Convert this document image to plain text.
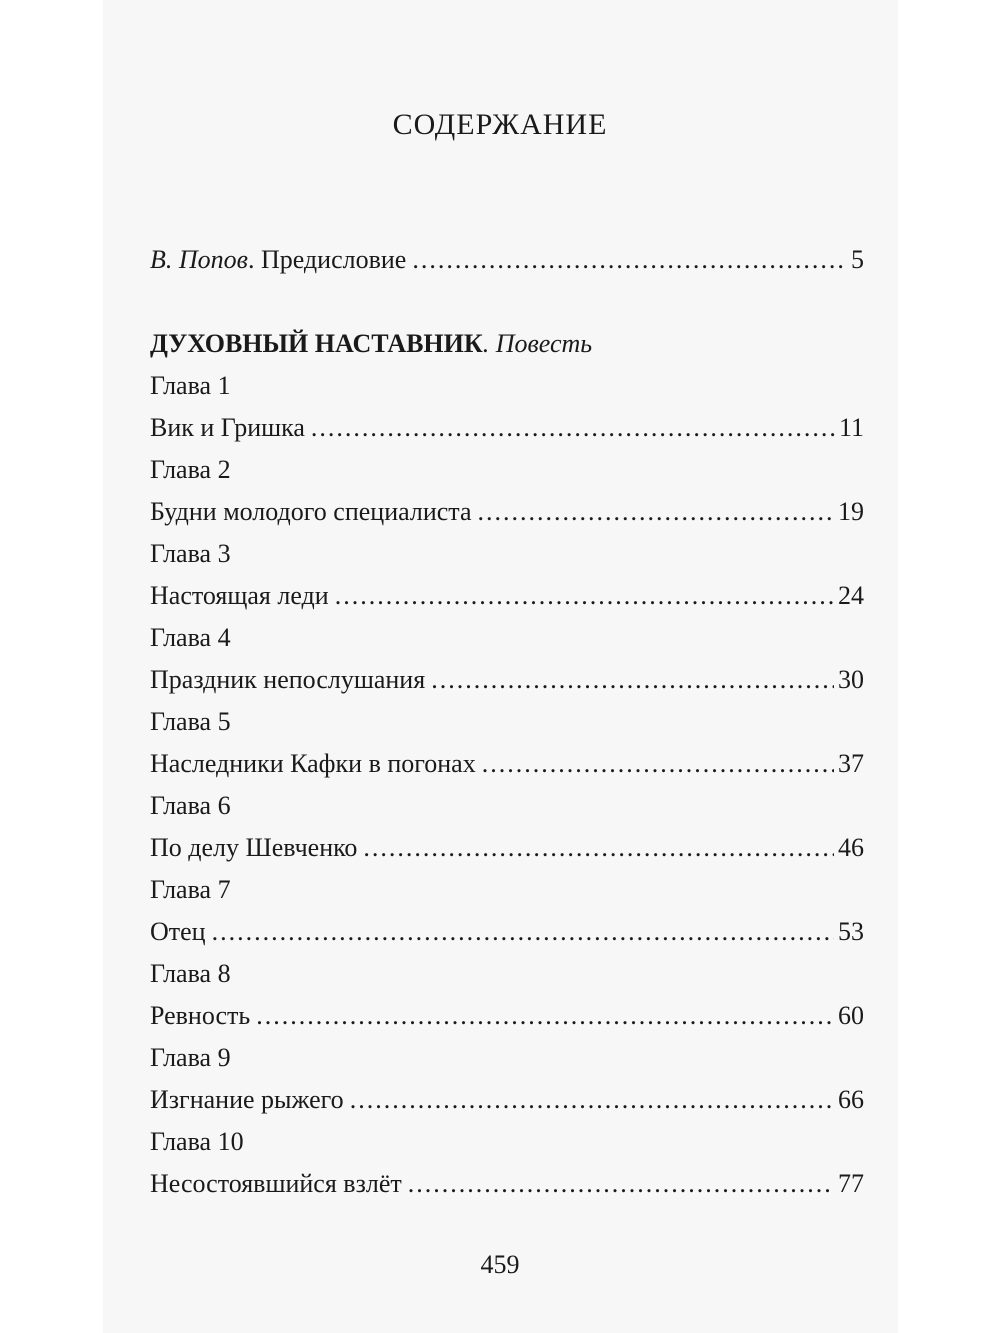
СОДЕРЖАНИЕ
В. Попов. Предисловие .....	5
ДУХОВНЫЙ НАСТАВНИК. Повесть
Глава 1
Вик и Гришка .....	11
Глава 2
Будни молодого специалиста .....	19
Глава 3
Настоящая леди .....	24
Глава 4
Праздник непослушания .....	30
Глава 5
Наследники Кафки в погонах .....	37
Глава 6
По делу Шевченко .....	46
Глава 7
Отец .....	53
Глава 8
Ревность .....	60
Глава 9
Изгнание рыжего .....	66
Глава 10
Несостоявшийся взлёт .....	77
459
